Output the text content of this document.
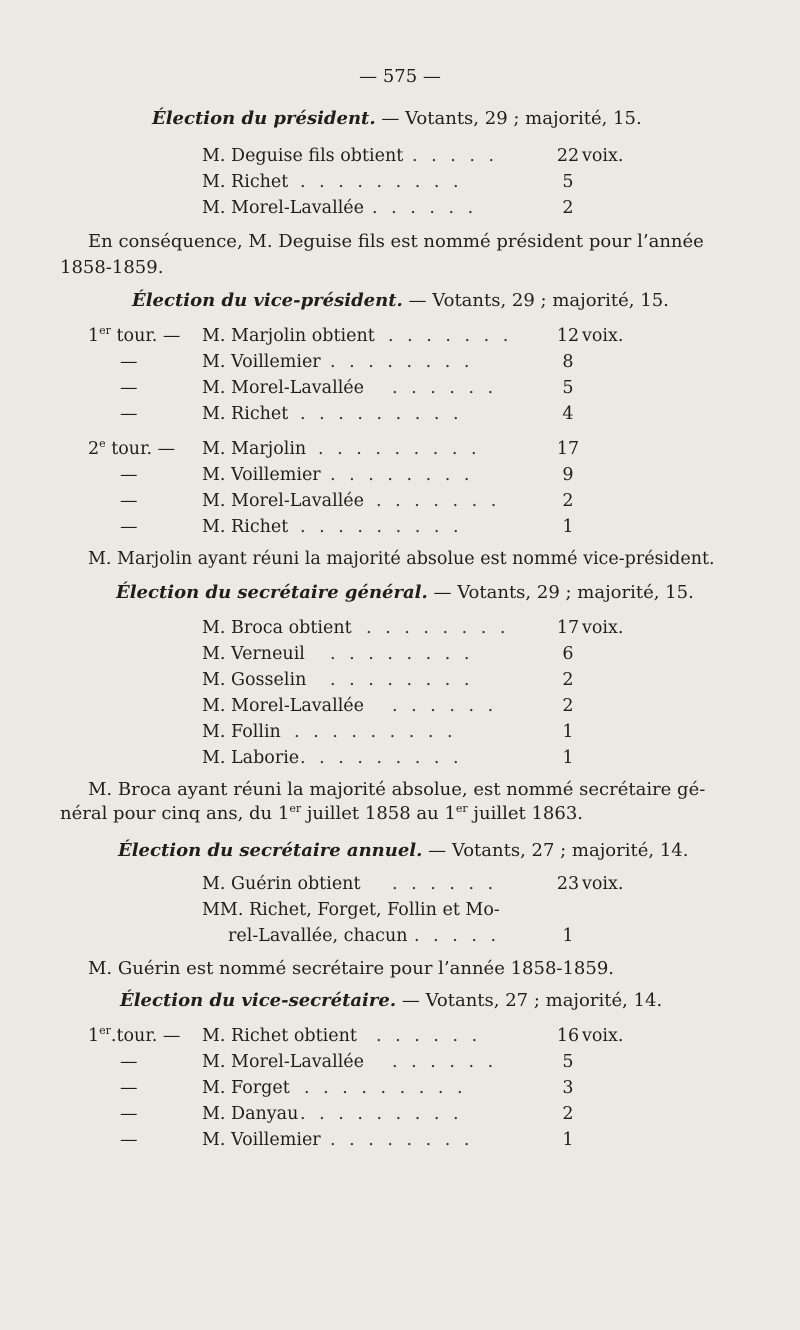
— 575 —
Élection du président. — Votants, 29 ; majorité, 15.
M. Deguise fils obtient . . . . .	22 voix.
M. Richet . . . . . . . . .	5
M. Morel-Lavallée . . . . . .	2
En conséquence, M. Deguise fils est nommé président pour l’année
1858-1859.
Élection du vice-président. — Votants, 29 ; majorité, 15.
1er tour. — M. Marjolin obtient . . . . . . .	12 voix.
—	M. Voillemier . . . . . . . .	8
—	M. Morel-Lavallée . . . . . .	5
—	M. Richet . . . . . . . . .	4
2e tour. — M. Marjolin . . . . . . . . .	17
—	M. Voillemier . . . . . . . .	9
—	M. Morel-Lavallée . . . . . . .	2
—	M. Richet . . . . . . . . .	1
M. Marjolin ayant réuni la majorité absolue est nommé vice-président.
Élection du secrétaire général. — Votants, 29 ; majorité, 15.
M. Broca obtient . . . . . . . .	17 voix.
M. Verneuil . . . . . . . .	6
M. Gosselin . . . . . . . .	2
M. Morel-Lavallée . . . . . .	2
M. Follin . . . . . . . . .	1
M. Laborie . . . . . . . . .	1
M. Broca ayant réuni la majorité absolue, est nommé secrétaire gé-
néral pour cinq ans, du 1er juillet 1858 au 1er juillet 1863.
Élection du secrétaire annuel. — Votants, 27 ; majorité, 14.
M. Guérin obtient . . . . . .	23 voix.
MM. Richet, Forget, Follin et Mo-
rel-Lavallée, chacun . . . . .	1
M. Guérin est nommé secrétaire pour l’année 1858-1859.
Élection du vice-secrétaire. — Votants, 27 ; majorité, 14.
1er.tour. — M. Richet obtient . . . . . .	16 voix.
—	M. Morel-Lavallée . . . . . .	5
—	M. Forget . . . . . . . . .	3
—	M. Danyau . . . . . . . . .	2
—	M. Voillemier . . . . . . . .	1
